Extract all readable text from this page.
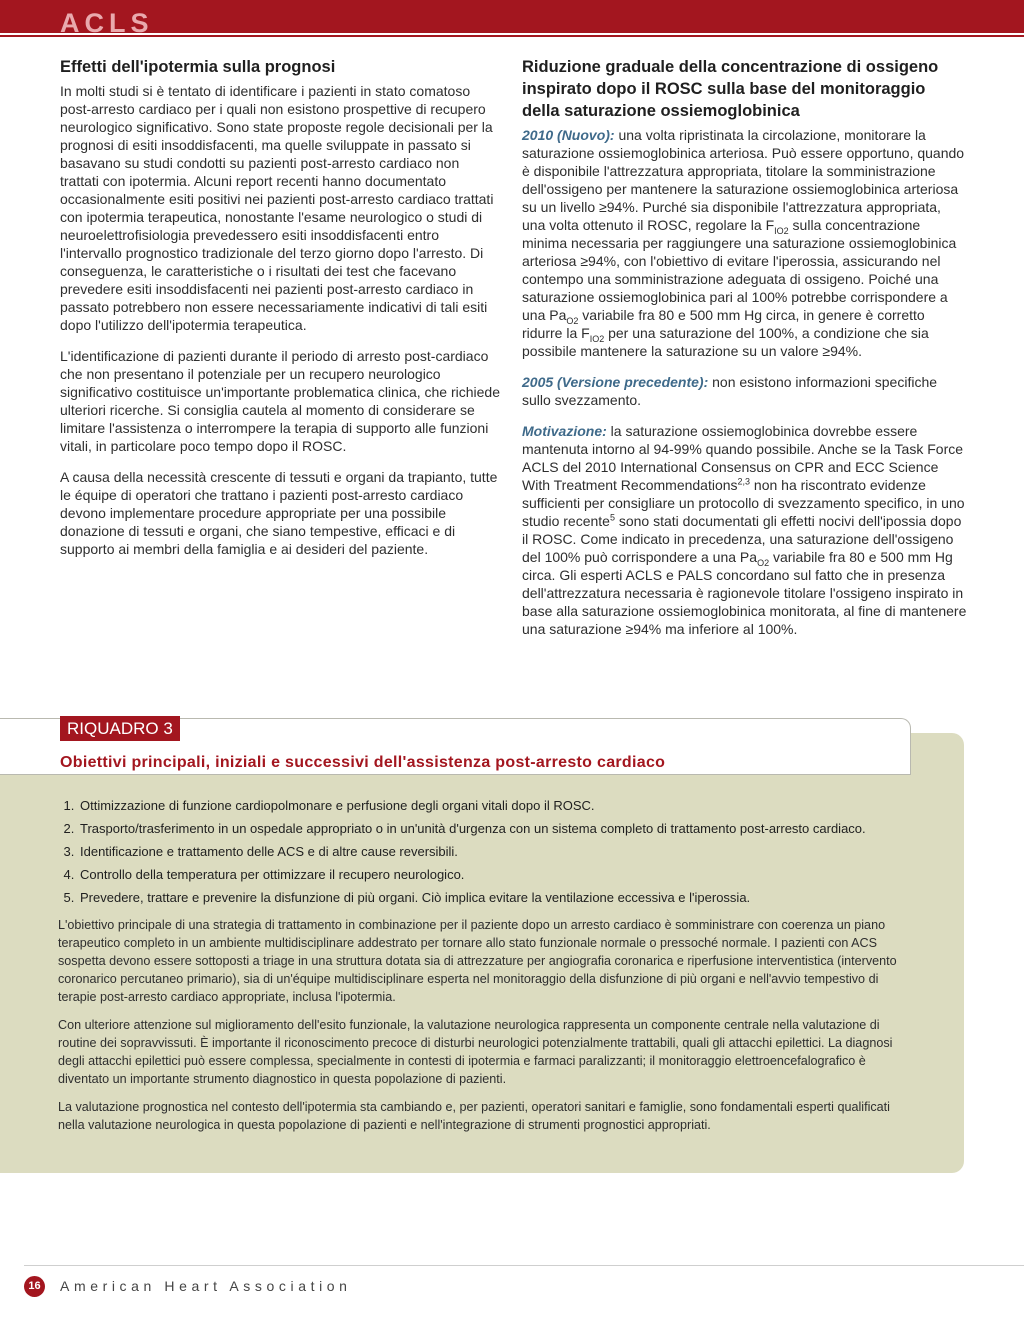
ACLS
Effetti dell'ipotermia sulla prognosi

In molti studi si è tentato di identificare i pazienti in stato comatoso post-arresto cardiaco per i quali non esistono prospettive di recupero neurologico significativo. Sono state proposte regole decisionali per la prognosi di esiti insoddisfacenti, ma quelle sviluppate in passato si basavano su studi condotti su pazienti post-arresto cardiaco non trattati con ipotermia. Alcuni report recenti hanno documentato occasionalmente esiti positivi nei pazienti post-arresto cardiaco trattati con ipotermia terapeutica, nonostante l'esame neurologico o studi di neuroelettrofisiologia prevedessero esiti insoddisfacenti entro l'intervallo prognostico tradizionale del terzo giorno dopo l'arresto. Di conseguenza, le caratteristiche o i risultati dei test che facevano prevedere esiti insoddisfacenti nei pazienti post-arresto cardiaco in passato potrebbero non essere necessariamente indicativi di tali esiti dopo l'utilizzo dell'ipotermia terapeutica.

L'identificazione di pazienti durante il periodo di arresto post-cardiaco che non presentano il potenziale per un recupero neurologico significativo costituisce un'importante problematica clinica, che richiede ulteriori ricerche. Si consiglia cautela al momento di considerare se limitare l'assistenza o interrompere la terapia di supporto alle funzioni vitali, in particolare poco tempo dopo il ROSC.

A causa della necessità crescente di tessuti e organi da trapianto, tutte le équipe di operatori che trattano i pazienti post-arresto cardiaco devono implementare procedure appropriate per una possibile donazione di tessuti e organi, che siano tempestive, efficaci e di supporto ai membri della famiglia e ai desideri del paziente.

Riduzione graduale della concentrazione di ossigeno inspirato dopo il ROSC sulla base del monitoraggio della saturazione ossiemoglobinica

2010 (Nuovo): una volta ripristinata la circolazione, monitorare la saturazione ossiemoglobinica arteriosa. Può essere opportuno, quando è disponibile l'attrezzatura appropriata, titolare la somministrazione dell'ossigeno per mantenere la saturazione ossiemoglobinica arteriosa su un livello ≥94%. Purché sia disponibile l'attrezzatura appropriata, una volta ottenuto il ROSC, regolare la $F_{IO2}$ sulla concentrazione minima necessaria per raggiungere una saturazione ossiemoglobinica arteriosa ≥94%, con l'obiettivo di evitare l'iperossia, assicurando nel contempo una somministrazione adeguata di ossigeno. Poiché una saturazione ossiemoglobinica pari al 100% potrebbe corrispondere a una $Pa_{O2}$ variabile fra 80 e 500 mm Hg circa, in genere è corretto ridurre la $F_{IO2}$ per una saturazione del 100%, a condizione che sia possibile mantenere la saturazione su un valore ≥94%.

2005 (Versione precedente): non esistono informazioni specifiche sullo svezzamento.

Motivazione: la saturazione ossiemoglobinica dovrebbe essere mantenuta intorno al 94-99% quando possibile. Anche se la Task Force ACLS del 2010 International Consensus on CPR and ECC Science With Treatment Recommendations$^{2,3}$ non ha riscontrato evidenze sufficienti per consigliare un protocollo di svezzamento specifico, in uno studio recente$^5$ sono stati documentati gli effetti nocivi dell'ipossia dopo il ROSC. Come indicato in precedenza, una saturazione dell'ossigeno del 100% può corrispondere a una $Pa_{O2}$ variabile fra 80 e 500 mm Hg circa. Gli esperti ACLS e PALS concordano sul fatto che in presenza dell'attrezzatura necessaria è ragionevole titolare l'ossigeno inspirato in base alla saturazione ossiemoglobinica monitorata, al fine di mantenere una saturazione ≥94% ma inferiore al 100%.

RIQUADRO 3
Obiettivi principali, iniziali e successivi dell'assistenza post-arresto cardiaco
1. Ottimizzazione di funzione cardiopolmonare e perfusione degli organi vitali dopo il ROSC.
2. Trasporto/trasferimento in un ospedale appropriato o in un'unità d'urgenza con un sistema completo di trattamento post-arresto cardiaco.
3. Identificazione e trattamento delle ACS e di altre cause reversibili.
4. Controllo della temperatura per ottimizzare il recupero neurologico.
5. Prevedere, trattare e prevenire la disfunzione di più organi. Ciò implica evitare la ventilazione eccessiva e l'iperossia.

L'obiettivo principale di una strategia di trattamento in combinazione per il paziente dopo un arresto cardiaco è somministrare con coerenza un piano terapeutico completo in un ambiente multidisciplinare addestrato per tornare allo stato funzionale normale o pressoché normale. I pazienti con ACS sospetta devono essere sottoposti a triage in una struttura dotata sia di attrezzature per angiografia coronarica e riperfusione interventistica (intervento coronarico percutaneo primario), sia di un'équipe multidisciplinare esperta nel monitoraggio della disfunzione di più organi e nell'avvio tempestivo di terapie post-arresto cardiaco appropriate, inclusa l'ipotermia.

Con ulteriore attenzione sul miglioramento dell'esito funzionale, la valutazione neurologica rappresenta un componente centrale nella valutazione di routine dei sopravvissuti. È importante il riconoscimento precoce di disturbi neurologici potenzialmente trattabili, quali gli attacchi epilettici. La diagnosi degli attacchi epilettici può essere complessa, specialmente in contesti di ipotermia e farmaci paralizzanti; il monitoraggio elettroencefalografico è diventato un importante strumento diagnostico in questa popolazione di pazienti.

La valutazione prognostica nel contesto dell'ipotermia sta cambiando e, per pazienti, operatori sanitari e famiglie, sono fondamentali esperti qualificati nella valutazione neurologica in questa popolazione di pazienti e nell'integrazione di strumenti prognostici appropriati.

16	American Heart Association
